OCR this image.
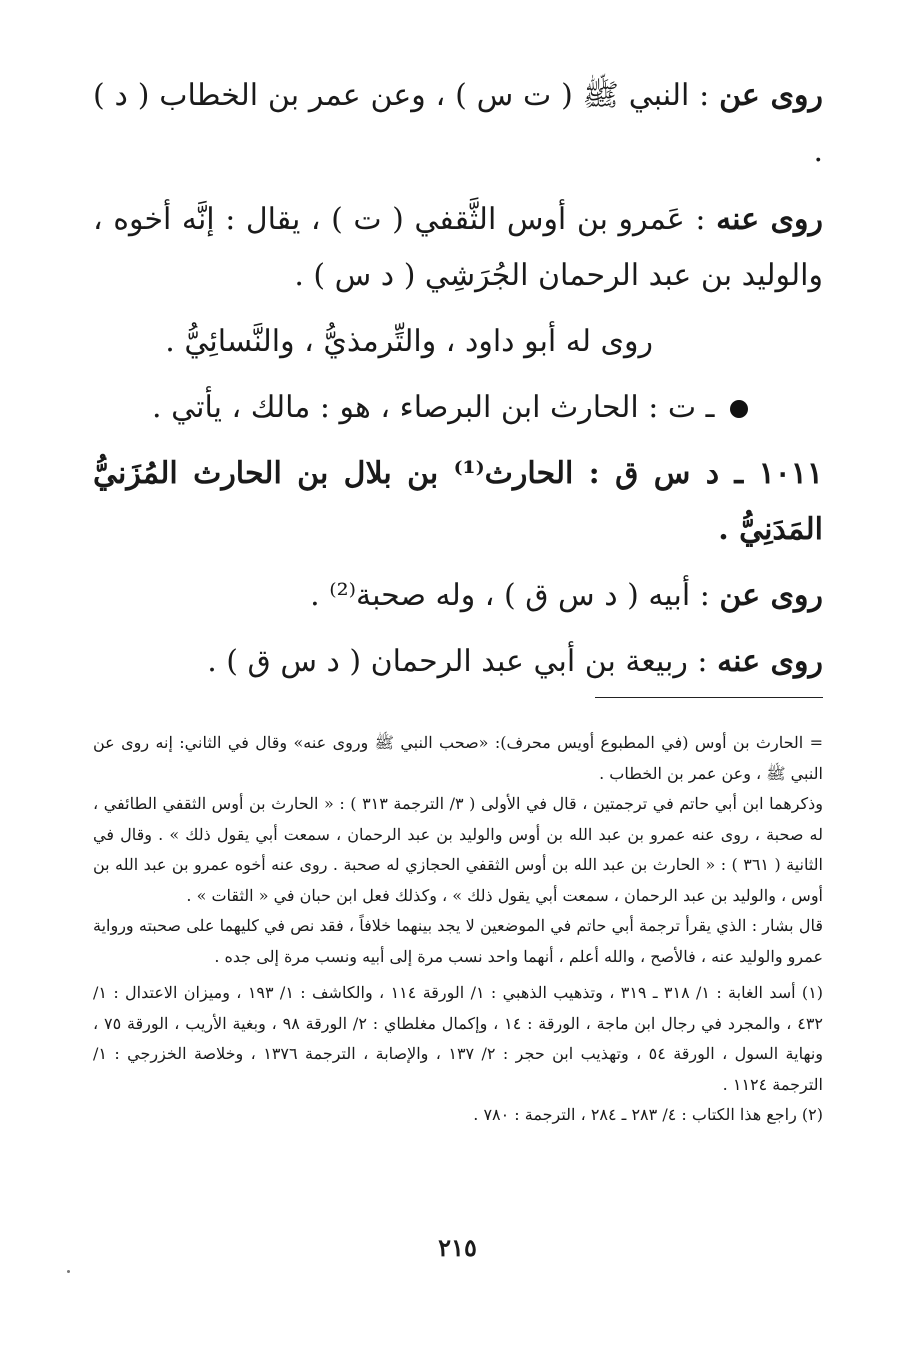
روى عن : النبي ﷺ ( ت س ) ، وعن عمر بن الخطاب ( د ) .

روى عنه : عَمرو بن أوس الثَّقفي ( ت ) ، يقال : إنَّه أخوه ، والوليد بن عبد الرحمان الجُرَشِي ( د س ) .

روى له أبو داود ، والتِّرمذيُّ ، والنَّسائِيُّ .

ـ ت : الحارث ابن البرصاء ، هو : مالك ، يأتي .

١٠١١ ـ د س ق : الحارث⁽¹⁾ بن بلال بن الحارث المُزَنيُّ المَدَنِيُّ .

روى عن : أبيه ( د س ق ) ، وله صحبة⁽²⁾ .

روى عنه : ربيعة بن أبي عبد الرحمان ( د س ق ) .

= الحارث بن أوس (في المطبوع أويس محرف): «صحب النبي ﷺ وروى عنه» وقال في الثاني: إنه روى عن النبي ﷺ ، وعن عمر بن الخطاب .

وذكرهما ابن أبي حاتم في ترجمتين ، قال في الأولى ( ٣/ الترجمة ٣١٣ ) : « الحارث بن أوس الثقفي الطائفي ، له صحبة ، روى عنه عمرو بن عبد الله بن أوس والوليد بن عبد الرحمان ، سمعت أبي يقول ذلك » . وقال في الثانية ( ٣٦١ ) : « الحارث بن عبد الله بن أوس الثقفي الحجازي له صحبة . روى عنه أخوه عمرو بن عبد الله بن أوس ، والوليد بن عبد الرحمان ، سمعت أبي يقول ذلك » ، وكذلك فعل ابن حبان في « الثقات » .

قال بشار : الذي يقرأ ترجمة أبي حاتم في الموضعين لا يجد بينهما خلافاً ، فقد نص في كليهما على صحبته ورواية عمرو والوليد عنه ، فالأصح ، والله أعلم ، أنهما واحد نسب مرة إلى أبيه ونسب مرة إلى جده .

(١) أسد الغابة : ١/ ٣١٨ ـ ٣١٩ ، وتذهيب الذهبي : ١/ الورقة ١١٤ ، والكاشف : ١/ ١٩٣ ، وميزان الاعتدال : ١/ ٤٣٢ ، والمجرد في رجال ابن ماجة ، الورقة : ١٤ ، وإكمال مغلطاي : ٢/ الورقة ٩٨ ، وبغية الأريب ، الورقة ٧٥ ، ونهاية السول ، الورقة ٥٤ ، وتهذيب ابن حجر : ٢/ ١٣٧ ، والإصابة ، الترجمة ١٣٧٦ ، وخلاصة الخزرجي : ١/ الترجمة ١١٢٤ .

(٢) راجع هذا الكتاب : ٤/ ٢٨٣ ـ ٢٨٤ ، الترجمة : ٧٨٠ .

٢١٥
